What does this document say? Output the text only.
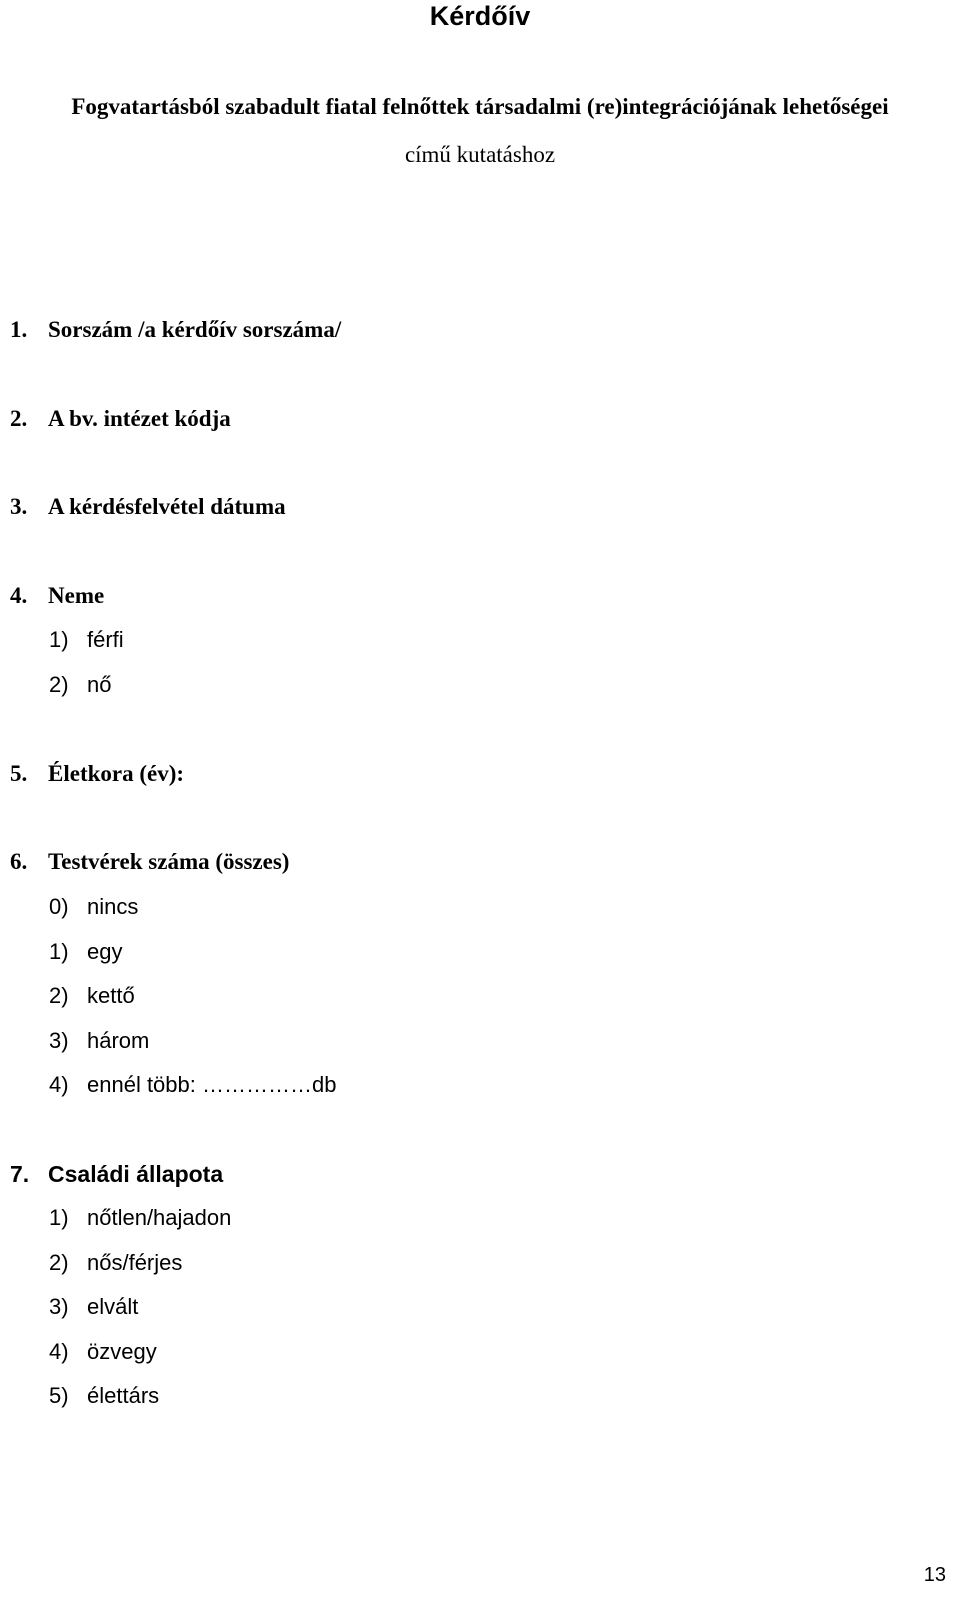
Kérdőív
Fogvatartásból szabadult fiatal felnőttek társadalmi (re)integrációjának lehetőségei
című kutatáshoz
1. Sorszám /a kérdőív sorszáma/
2. A bv. intézet kódja
3. A kérdésfelvétel dátuma
4. Neme
1) férfi
2) nő
5. Életkora (év):
6. Testvérek száma (összes)
0) nincs
1) egy
2) kettő
3) három
4) ennél több: ……………db
7. Családi állapota
1) nőtlen/hajadon
2) nős/férjes
3) elvált
4) özvegy
5) élettárs
13
